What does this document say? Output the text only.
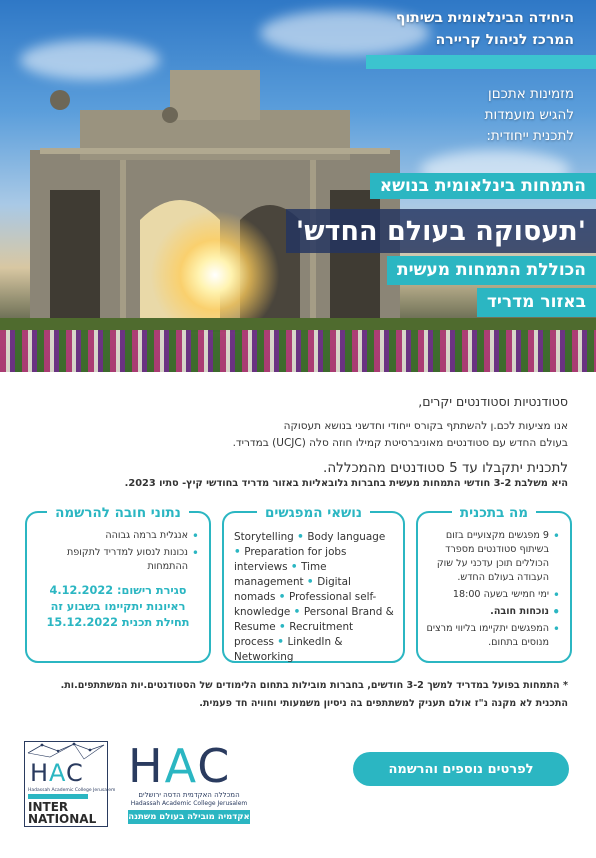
היחידה הבינלאומית בשיתוף
המרכז לניהול קריירה
מזמינות אתכםן
להגיש מועמדות
לתכנית ייחודית:
התמחות בינלאומית בנושא
'תעסוקה בעולם החדש'
הכוללת התמחות מעשית
באזור מדריד
סטודנטיות וסטודנטים יקרים,
אנו מציעות לכם.ן להשתתף בקורס ייחודי וחדשני בנושא תעסוקה
בעולם החדש עם סטודנטים מאוניברסיטת קמילו חוזה סלה (UCJC) במדריד.
לתכנית יתקבלו עד 5 סטודנטים מהמכללה.
היא משלבת 3-2 חודשי התמחות מעשית בחברות גלובאליות באזור מדריד בחודשי קיץ- סתיו 2023.
מה בתכנית
• 9 מפגשים מקצועיים בזום בשיתוף סטודנטים מספרד הכוללים תוכן עדכני על שוק העבודה בעולם החדש.
• ימי חמישי בשעה 18:00
• נוכחות חובה.
• המפגשים יתקיימו בליווי מרצים מנוסים בתחום.
נושאי המפגשים
Storytelling • Body language • Preparation for jobs interviews • Time management • Digital nomads • Professional self-knowledge • Personal Brand & Resume • Recruitment process • LinkedIn & Networking
נתוני חובה להרשמה
• אנגלית ברמה גבוהה
• נכונות לנסוע למדריד לתקופת ההתמחות
סגירת רישום: 4.12.2022
ראיונות יתקיימו בשבוע זה
תחילת תכנית 15.12.2022
* התמחות בפועל במדריד למשך 3-2 חודשים, בחברות מובילות בתחום הלימודים של הסטודנטים.יות המשתתפים.ות.
התכנית לא מקנה נ"ז אולם תעניק למשתתפים בה ניסיון משמעותי וחוויה חד פעמית.
לפרטים נוספים והרשמה
HAC
המכללה האקדמית הדסה ירושלים
Hadassah Academic College Jerusalem
אקדמיה מובילה בעולם משתנה
HAC
Hadassah Academic College Jerusalem
INTER
NATIONAL
